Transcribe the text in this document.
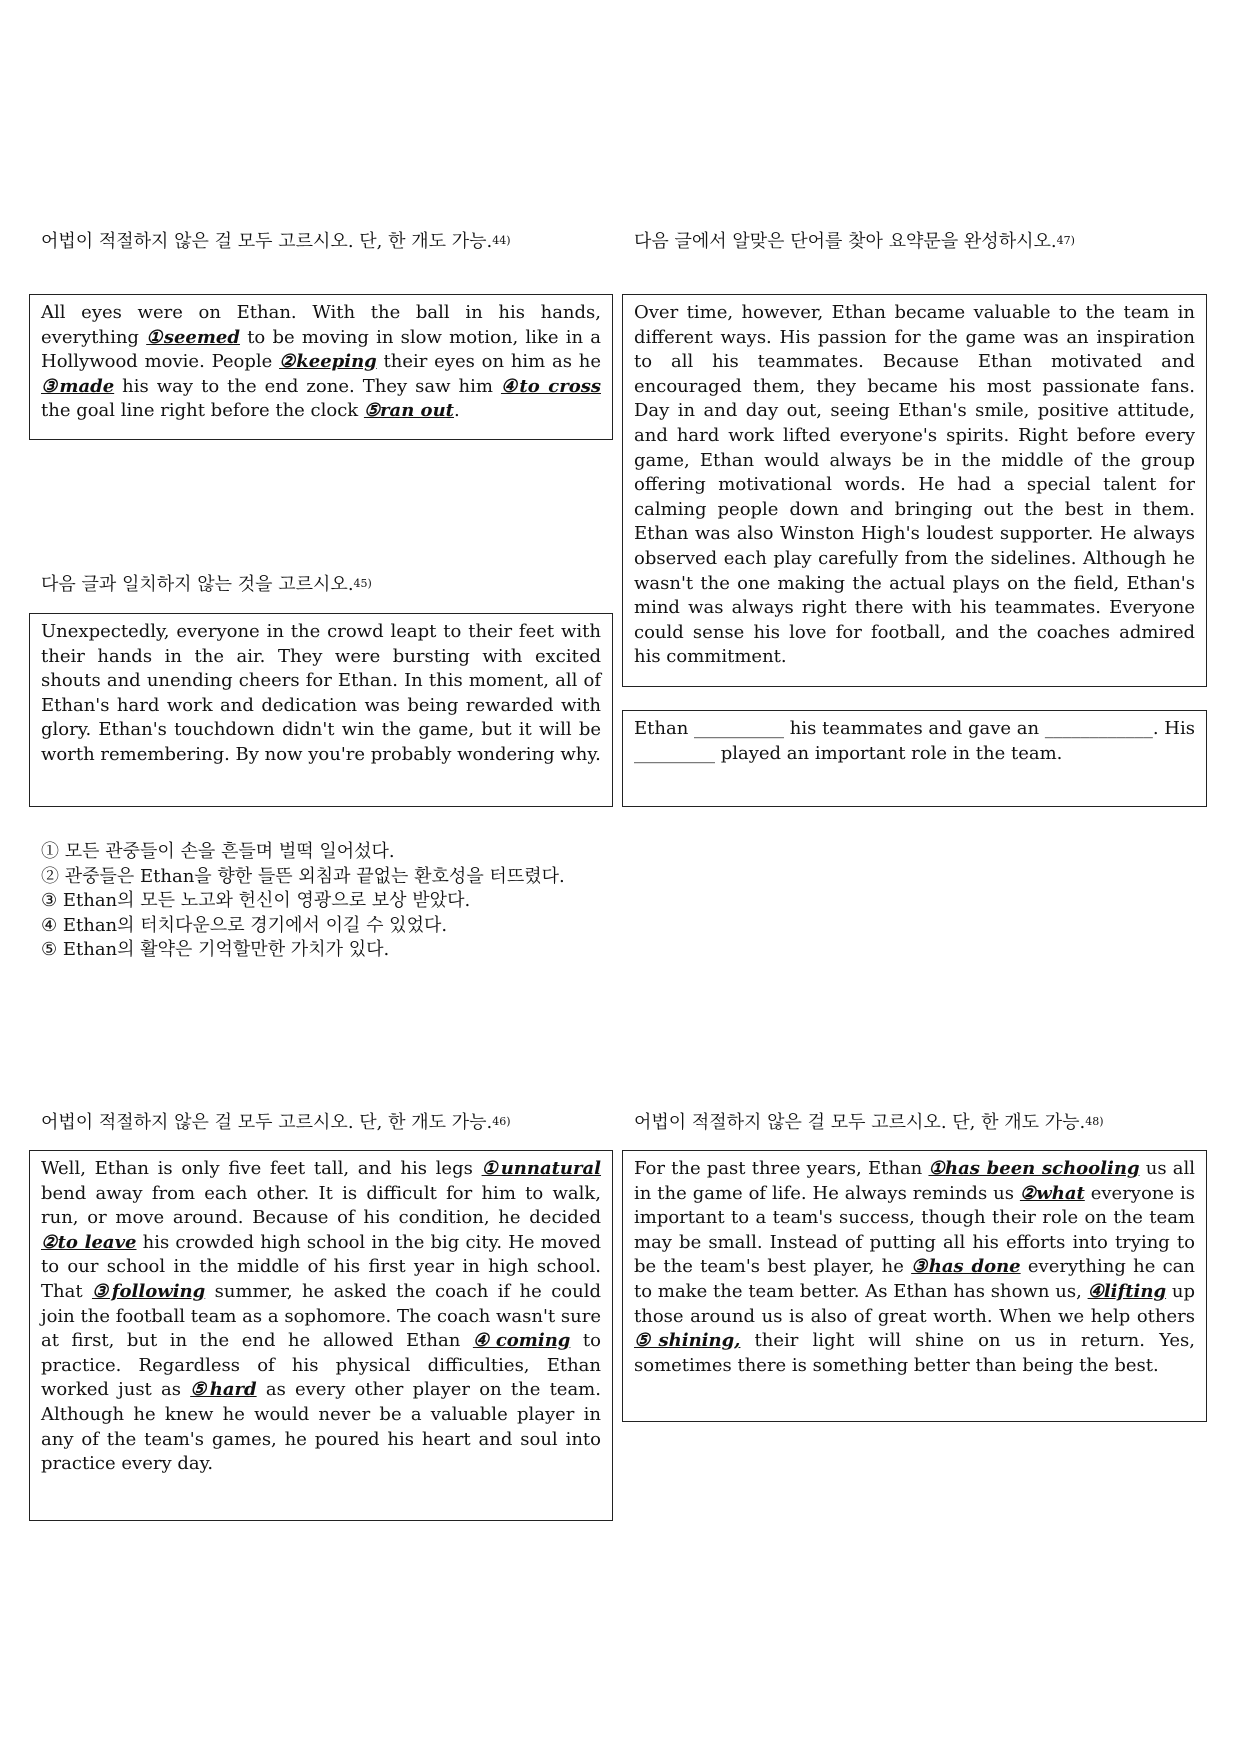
어법이 적절하지 않은 걸 모두 고르시오. 단, 한 개도 가능.$^{44)}$
All eyes were on Ethan. With the ball in his hands, everything ①seemed to be moving in slow motion, like in a Hollywood movie. People ②keeping their eyes on him as he ③made his way to the end zone. They saw him ④to cross the goal line right before the clock ⑤ran out.
다음 글과 일치하지 않는 것을 고르시오.$^{45)}$
Unexpectedly, everyone in the crowd leapt to their feet with their hands in the air. They were bursting with excited shouts and unending cheers for Ethan. In this moment, all of Ethan's hard work and dedication was being rewarded with glory. Ethan's touchdown didn't win the game, but it will be worth remembering. By now you're probably wondering why.
① 모든 관중들이 손을 흔들며 벌떡 일어섰다.
② 관중들은 Ethan을 향한 들뜬 외침과 끝없는 환호성을 터뜨렸다.
③ Ethan의 모든 노고와 헌신이 영광으로 보상 받았다.
④ Ethan의 터치다운으로 경기에서 이길 수 있었다.
⑤ Ethan의 활약은 기억할만한 가치가 있다.
어법이 적절하지 않은 걸 모두 고르시오. 단, 한 개도 가능.$^{46)}$
Well, Ethan is only five feet tall, and his legs ①unnatural bend away from each other. It is difficult for him to walk, run, or move around. Because of his condition, he decided ②to leave his crowded high school in the big city. He moved to our school in the middle of his first year in high school. That ③following summer, he asked the coach if he could join the football team as a sophomore. The coach wasn't sure at first, but in the end he allowed Ethan ④coming to practice. Regardless of his physical difficulties, Ethan worked just as ⑤hard as every other player on the team. Although he knew he would never be a valuable player in any of the team's games, he poured his heart and soul into practice every day.
다음 글에서 알맞은 단어를 찾아 요약문을 완성하시오.$^{47)}$
Over time, however, Ethan became valuable to the team in different ways. His passion for the game was an inspiration to all his teammates. Because Ethan motivated and encouraged them, they became his most passionate fans. Day in and day out, seeing Ethan's smile, positive attitude, and hard work lifted everyone's spirits. Right before every game, Ethan would always be in the middle of the group offering motivational words. He had a special talent for calming people down and bringing out the best in them. Ethan was also Winston High's loudest supporter. He always observed each play carefully from the sidelines. Although he wasn't the one making the actual plays on the field, Ethan's mind was always right there with his teammates. Everyone could sense his love for football, and the coaches admired his commitment.
Ethan __________ his teammates and gave an ____________. His _________ played an important role in the team.
어법이 적절하지 않은 걸 모두 고르시오. 단, 한 개도 가능.$^{48)}$
For the past three years, Ethan ①has been schooling us all in the game of life. He always reminds us ②what everyone is important to a team's success, though their role on the team may be small. Instead of putting all his efforts into trying to be the team's best player, he ③has done everything he can to make the team better. As Ethan has shown us, ④lifting up those around us is also of great worth. When we help others ⑤shining, their light will shine on us in return. Yes, sometimes there is something better than being the best.
